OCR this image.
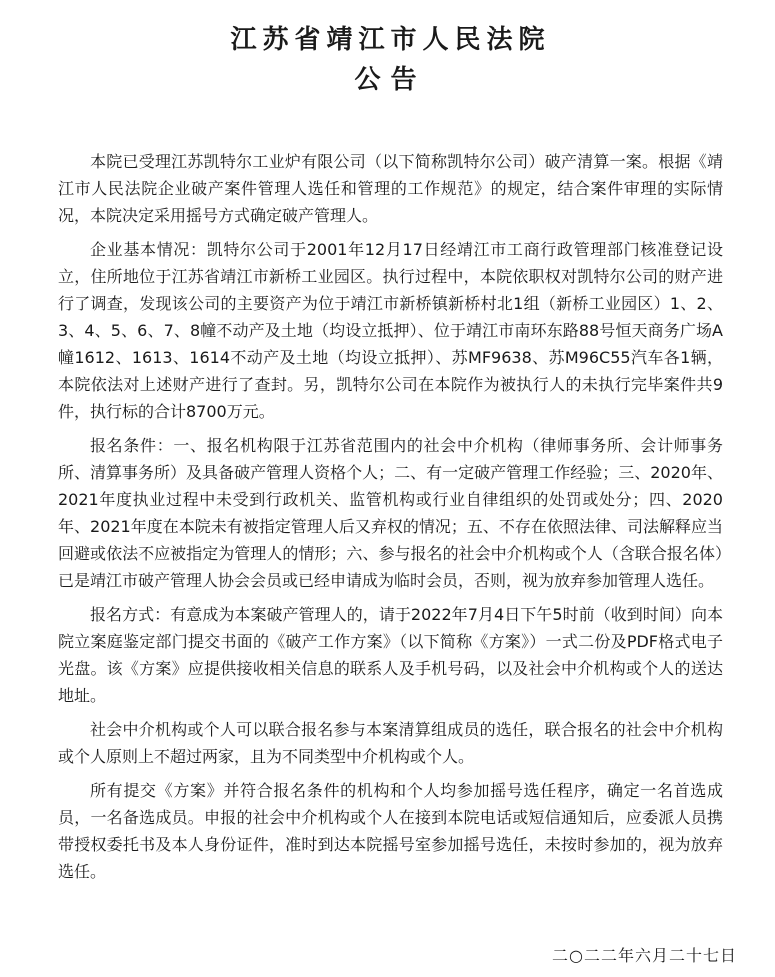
江苏省靖江市人民法院
公告

本院已受理江苏凯特尔工业炉有限公司（以下简称凯特尔公司）破产清算一案。根据《靖江市人民法院企业破产案件管理人选任和管理的工作规范》的规定，结合案件审理的实际情况，本院决定采用摇号方式确定破产管理人。

企业基本情况：凯特尔公司于2001年12月17日经靖江市工商行政管理部门核准登记设立，住所地位于江苏省靖江市新桥工业园区。执行过程中，本院依职权对凯特尔公司的财产进行了调查，发现该公司的主要资产为位于靖江市新桥镇新桥村北1组（新桥工业园区）1、2、3、4、5、6、7、8幢不动产及土地（均设立抵押）、位于靖江市南环东路88号恒天商务广场A幢1612、1613、1614不动产及土地（均设立抵押）、苏MF9638、苏M96C55汽车各1辆，本院依法对上述财产进行了查封。另，凯特尔公司在本院作为被执行人的未执行完毕案件共9件，执行标的合计8700万元。

报名条件：一、报名机构限于江苏省范围内的社会中介机构（律师事务所、会计师事务所、清算事务所）及具备破产管理人资格个人；二、有一定破产管理工作经验；三、2020年、2021年度执业过程中未受到行政机关、监管机构或行业自律组织的处罚或处分；四、2020年、2021年度在本院未有被指定管理人后又弃权的情况；五、不存在依照法律、司法解释应当回避或依法不应被指定为管理人的情形；六、参与报名的社会中介机构或个人（含联合报名体）已是靖江市破产管理人协会会员或已经申请成为临时会员，否则，视为放弃参加管理人选任。

报名方式：有意成为本案破产管理人的，请于2022年7月4日下午5时前（收到时间）向本院立案庭鉴定部门提交书面的《破产工作方案》（以下简称《方案》）一式二份及PDF格式电子光盘。该《方案》应提供接收相关信息的联系人及手机号码，以及社会中介机构或个人的送达地址。

社会中介机构或个人可以联合报名参与本案清算组成员的选任，联合报名的社会中介机构或个人原则上不超过两家，且为不同类型中介机构或个人。

所有提交《方案》并符合报名条件的机构和个人均参加摇号选任程序，确定一名首选成员，一名备选成员。申报的社会中介机构或个人在接到本院电话或短信通知后，应委派人员携带授权委托书及本人身份证件，准时到达本院摇号室参加摇号选任，未按时参加的，视为放弃选任。

二○二二年六月二十七日
